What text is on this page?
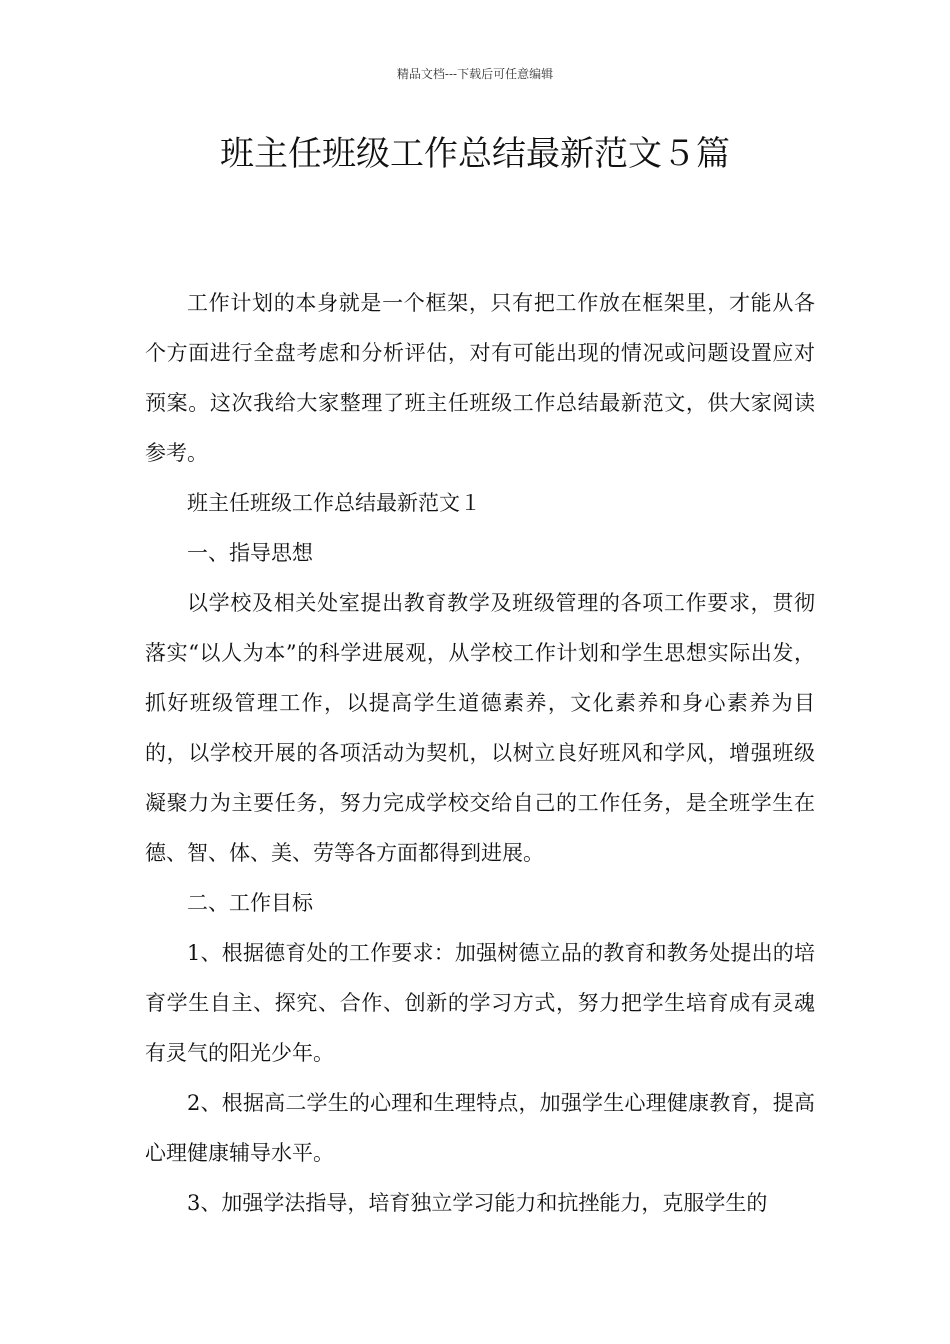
精品文档---下载后可任意编辑
班主任班级工作总结最新范文５篇

工作计划的本身就是一个框架，只有把工作放在框架里，才能从各个方面进行全盘考虑和分析评估，对有可能出现的情况或问题设置应对预案。这次我给大家整理了班主任班级工作总结最新范文，供大家阅读参考。

班主任班级工作总结最新范文１

一、指导思想

以学校及相关处室提出教育教学及班级管理的各项工作要求，贯彻落实“以人为本”的科学进展观，从学校工作计划和学生思想实际出发，抓好班级管理工作，以提高学生道德素养，文化素养和身心素养为目的，以学校开展的各项活动为契机，以树立良好班风和学风，增强班级凝聚力为主要任务，努力完成学校交给自己的工作任务，是全班学生在德、智、体、美、劳等各方面都得到进展。

二、工作目标

1、根据德育处的工作要求：加强树德立品的教育和教务处提出的培育学生自主、探究、合作、创新的学习方式，努力把学生培育成有灵魂有灵气的阳光少年。

2、根据高二学生的心理和生理特点，加强学生心理健康教育，提高心理健康辅导水平。

3、加强学法指导，培育独立学习能力和抗挫能力，克服学生的
